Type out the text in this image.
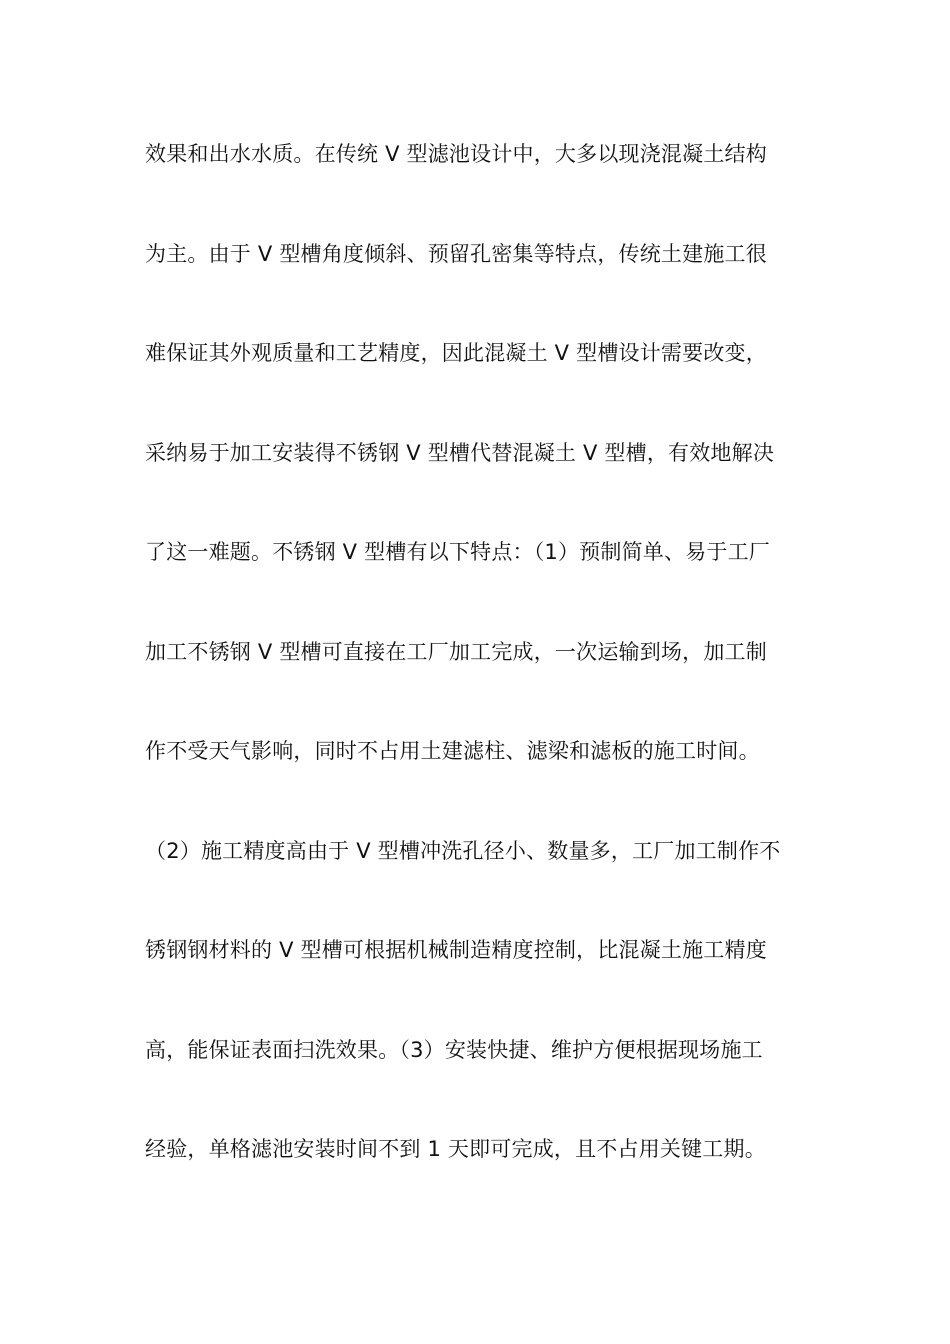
效果和出水水质。在传统 V 型滤池设计中，大多以现浇混凝土结构
为主。由于 V 型槽角度倾斜、预留孔密集等特点，传统土建施工很
难保证其外观质量和工艺精度，因此混凝土 V 型槽设计需要改变，
采纳易于加工安装得不锈钢 V 型槽代替混凝土 V 型槽，有效地解决
了这一难题。不锈钢 V 型槽有以下特点：（1）预制简单、易于工厂
加工不锈钢 V 型槽可直接在工厂加工完成，一次运输到场，加工制
作不受天气影响，同时不占用土建滤柱、滤梁和滤板的施工时间。
（2）施工精度高由于 V 型槽冲洗孔径小、数量多，工厂加工制作不
锈钢钢材料的 V 型槽可根据机械制造精度控制，比混凝土施工精度
高，能保证表面扫洗效果。（3）安装快捷、维护方便根据现场施工
经验，单格滤池安装时间不到 1 天即可完成，且不占用关键工期。
